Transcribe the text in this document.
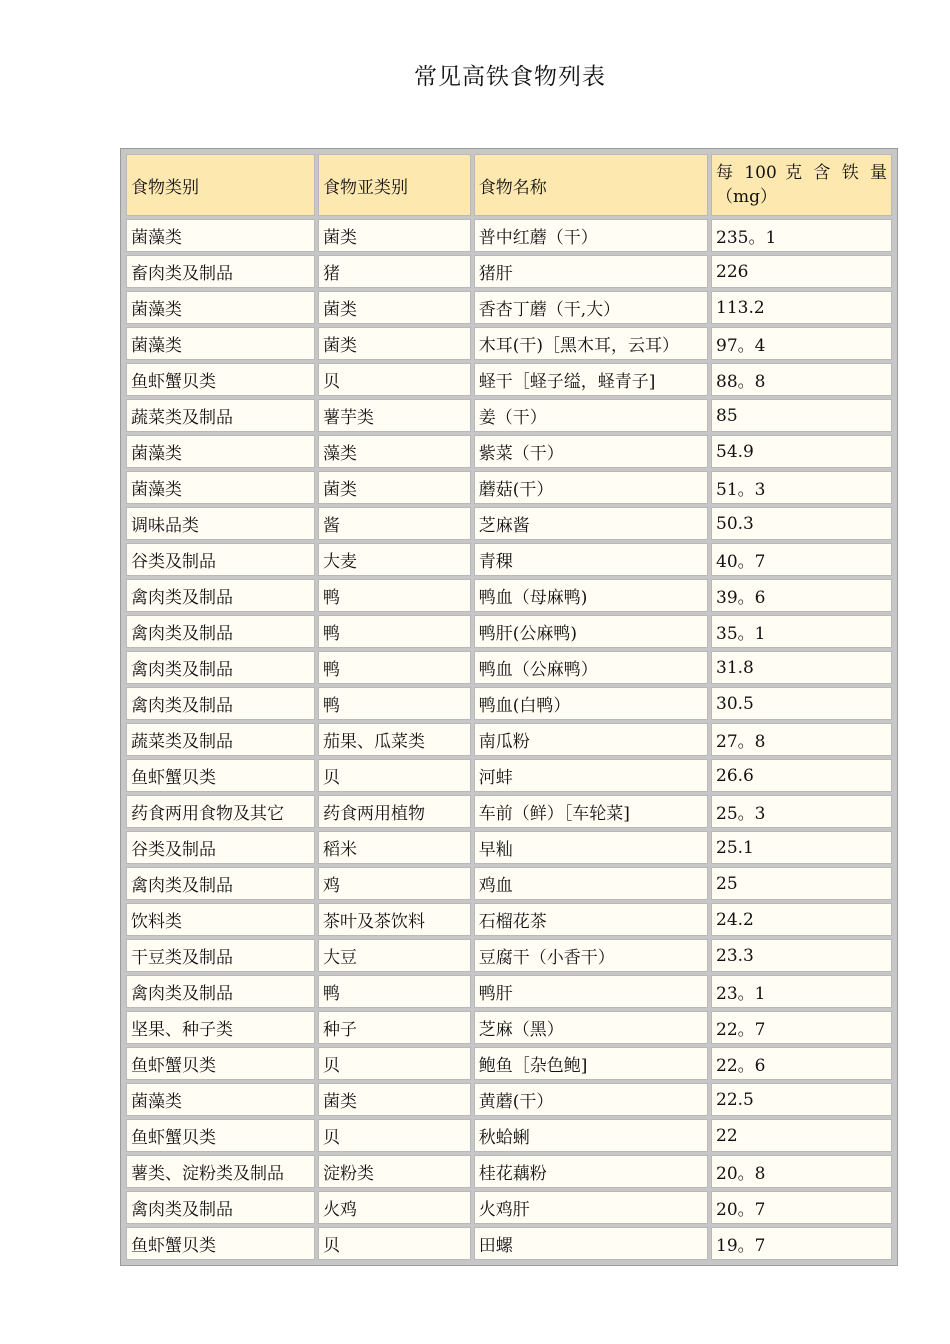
常见高铁食物列表
食物类别	食物亚类别	食物名称	每 100 克 含 铁 量（mg）
菌藻类	菌类	普中红蘑（干）	235。1
畜肉类及制品	猪	猪肝	226
菌藻类	菌类	香杏丁蘑（干,大）	113.2
菌藻类	菌类	木耳(干)［黑木耳，云耳）	97。4
鱼虾蟹贝类	贝	蛏干［蛏子缢，蛏青子]	88。8
蔬菜类及制品	薯芋类	姜（干）	85
菌藻类	藻类	紫菜（干）	54.9
菌藻类	菌类	蘑菇(干）	51。3
调味品类	酱	芝麻酱	50.3
谷类及制品	大麦	青稞	40。7
禽肉类及制品	鸭	鸭血（母麻鸭)	39。6
禽肉类及制品	鸭	鸭肝(公麻鸭)	35。1
禽肉类及制品	鸭	鸭血（公麻鸭）	31.8
禽肉类及制品	鸭	鸭血(白鸭）	30.5
蔬菜类及制品	茄果、瓜菜类	南瓜粉	27。8
鱼虾蟹贝类	贝	河蚌	26.6
药食两用食物及其它	药食两用植物	车前（鲜）［车轮菜]	25。3
谷类及制品	稻米	早籼	25.1
禽肉类及制品	鸡	鸡血	25
饮料类	茶叶及茶饮料	石榴花茶	24.2
干豆类及制品	大豆	豆腐干（小香干）	23.3
禽肉类及制品	鸭	鸭肝	23。1
坚果、种子类	种子	芝麻（黑）	22。7
鱼虾蟹贝类	贝	鲍鱼［杂色鲍]	22。6
菌藻类	菌类	黄蘑(干）	22.5
鱼虾蟹贝类	贝	秋蛤蜊	22
薯类、淀粉类及制品	淀粉类	桂花藕粉	20。8
禽肉类及制品	火鸡	火鸡肝	20。7
鱼虾蟹贝类	贝	田螺	19。7
